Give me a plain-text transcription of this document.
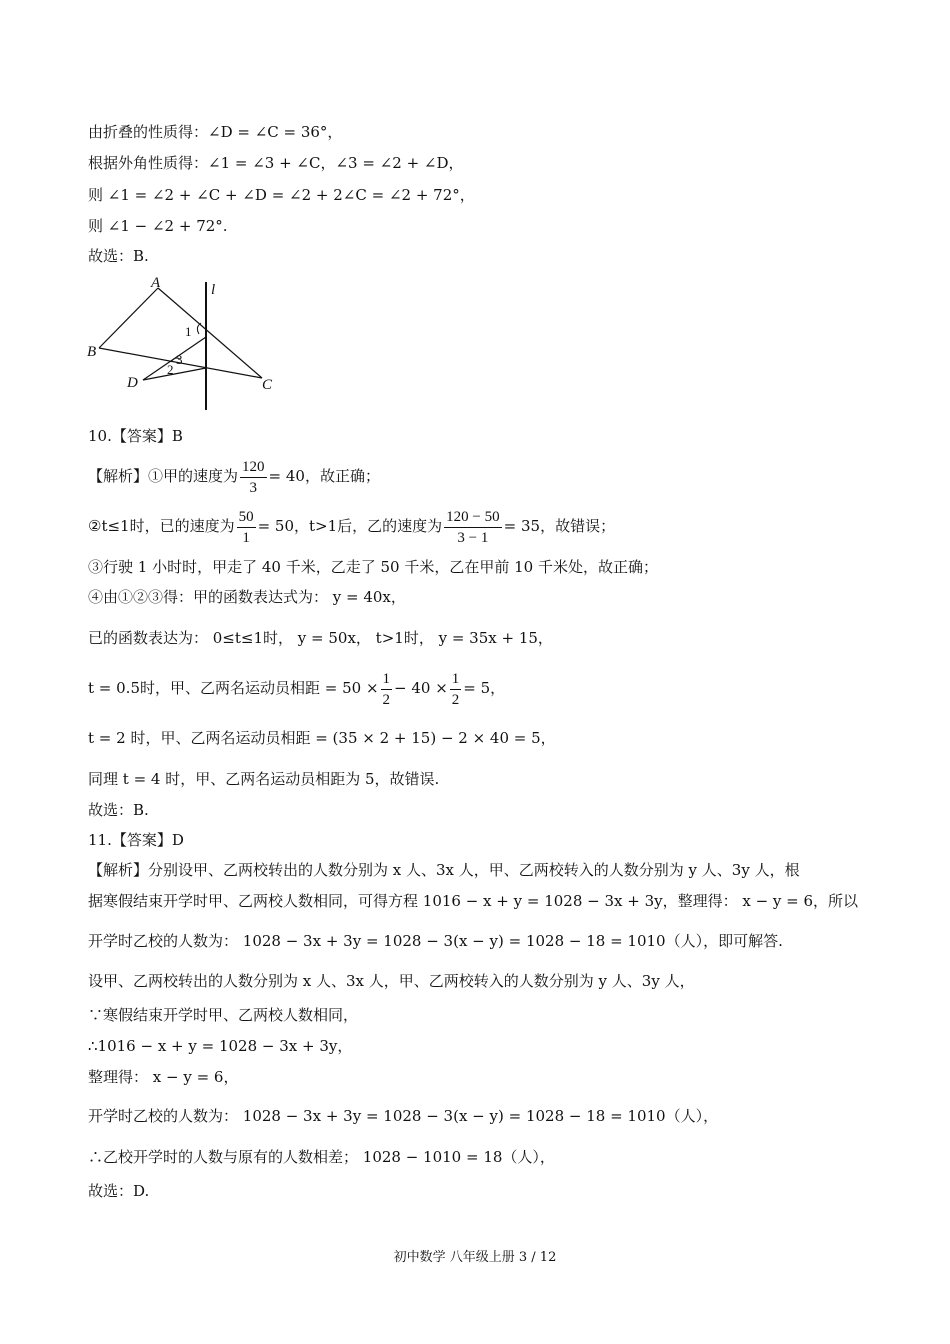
由折叠的性质得：∠D = ∠C = 36°，
根据外角性质得：∠1 = ∠3 + ∠C，∠3 = ∠2 + ∠D，
则 ∠1 = ∠2 + ∠C + ∠D = ∠2 + 2∠C = ∠2 + 72°，
则 ∠1 − ∠2 + 72°.
故选：B.
A
B
C
D
l
1
2
3
10.【答案】B
【解析】①甲的速度为 $\frac{120}{3} = 40$，故正确；
②t≤1时，已的速度为 $\frac{50}{1} = 50$，t>1后，乙的速度为 $\frac{120 - 50}{3 - 1} = 35$，故错误；
③行驶 1 小时时，甲走了 40 千米，乙走了 50 千米，乙在甲前 10 千米处，故正确；
④由①②③得：甲的函数表达式为： y = 40x，
已的函数表达为： 0≤t≤1时， y = 50x， t>1时， y = 35x + 15，
t = 0.5时，甲、乙两名运动员相距 = $50 \times \frac{1}{2} - 40 \times \frac{1}{2} = 5$，
t = 2 时，甲、乙两名运动员相距 = (35 × 2 + 15) − 2 × 40 = 5，
同理 t = 4 时，甲、乙两名运动员相距为 5，故错误.
故选：B.
11.【答案】D
【解析】分别设甲、乙两校转出的人数分别为 x 人、3x 人，甲、乙两校转入的人数分别为 y 人、3y 人，根
据寒假结束开学时甲、乙两校人数相同，可得方程 1016 − x + y = 1028 − 3x + 3y，整理得： x − y = 6，所以
开学时乙校的人数为： 1028 − 3x + 3y = 1028 − 3(x − y) = 1028 − 18 = 1010（人），即可解答.
设甲、乙两校转出的人数分别为 x 人、3x 人，甲、乙两校转入的人数分别为 y 人、3y 人，
∵寒假结束开学时甲、乙两校人数相同，
∴1016 − x + y = 1028 − 3x + 3y，
整理得： x − y = 6，
开学时乙校的人数为： 1028 − 3x + 3y = 1028 − 3(x − y) = 1028 − 18 = 1010（人），
∴乙校开学时的人数与原有的人数相差； 1028 − 1010 = 18（人），
故选：D.
初中数学 八年级上册 3 / 12
